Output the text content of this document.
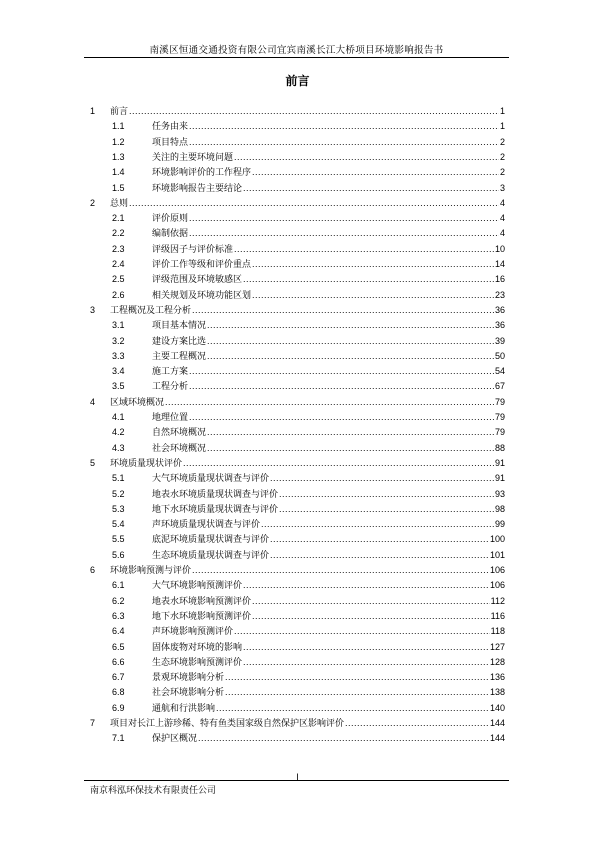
南溪区恒通交通投资有限公司宜宾南溪长江大桥项目环境影响报告书
前言
1 前言 .....	1
1.1	任务由来 .....	1
1.2	项目特点 .....	2
1.3	关注的主要环境问题 .....	2
1.4	环境影响评价的工作程序 .....	2
1.5	环境影响报告主要结论 .....	3
2 总则 .....	4
2.1	评价原则 .....	4
2.2	编制依据 .....	4
2.3	评级因子与评价标准 .....	10
2.4	评价工作等级和评价重点 .....	14
2.5	评级范围及环境敏感区 .....	16
2.6	相关规划及环境功能区划 .....	23
3 工程概况及工程分析 .....	36
3.1	项目基本情况 .....	36
3.2	建设方案比选 .....	39
3.3	主要工程概况 .....	50
3.4	施工方案 .....	54
3.5	工程分析 .....	67
4 区域环境概况 .....	79
4.1	地理位置 .....	79
4.2	自然环境概况 .....	79
4.3	社会环境概况 .....	88
5 环境质量现状评价 .....	91
5.1	大气环境质量现状调查与评价 .....	91
5.2	地表水环境质量现状调查与评价 .....	93
5.3	地下水环境质量现状调查与评价 .....	98
5.4	声环境质量现状调查与评价 .....	99
5.5	底泥环境质量现状调查与评价 .....	100
5.6	生态环境质量现状调查与评价 .....	101
6 环境影响预测与评价 .....	106
6.1	大气环境影响预测评价 .....	106
6.2	地表水环境影响预测评价 .....	112
6.3	地下水环境影响预测评价 .....	116
6.4	声环境影响预测评价 .....	118
6.5	固体废物对环境的影响 .....	127
6.6	生态环境影响预测评价 .....	128
6.7	景观环境影响分析 .....	136
6.8	社会环境影响分析 .....	138
6.9	通航和行洪影响 .....	140
7 项目对长江上游珍稀、特有鱼类国家级自然保护区影响评价 .....	144
7.1	保护区概况 .....	144
I
南京科泓环保技术有限责任公司
